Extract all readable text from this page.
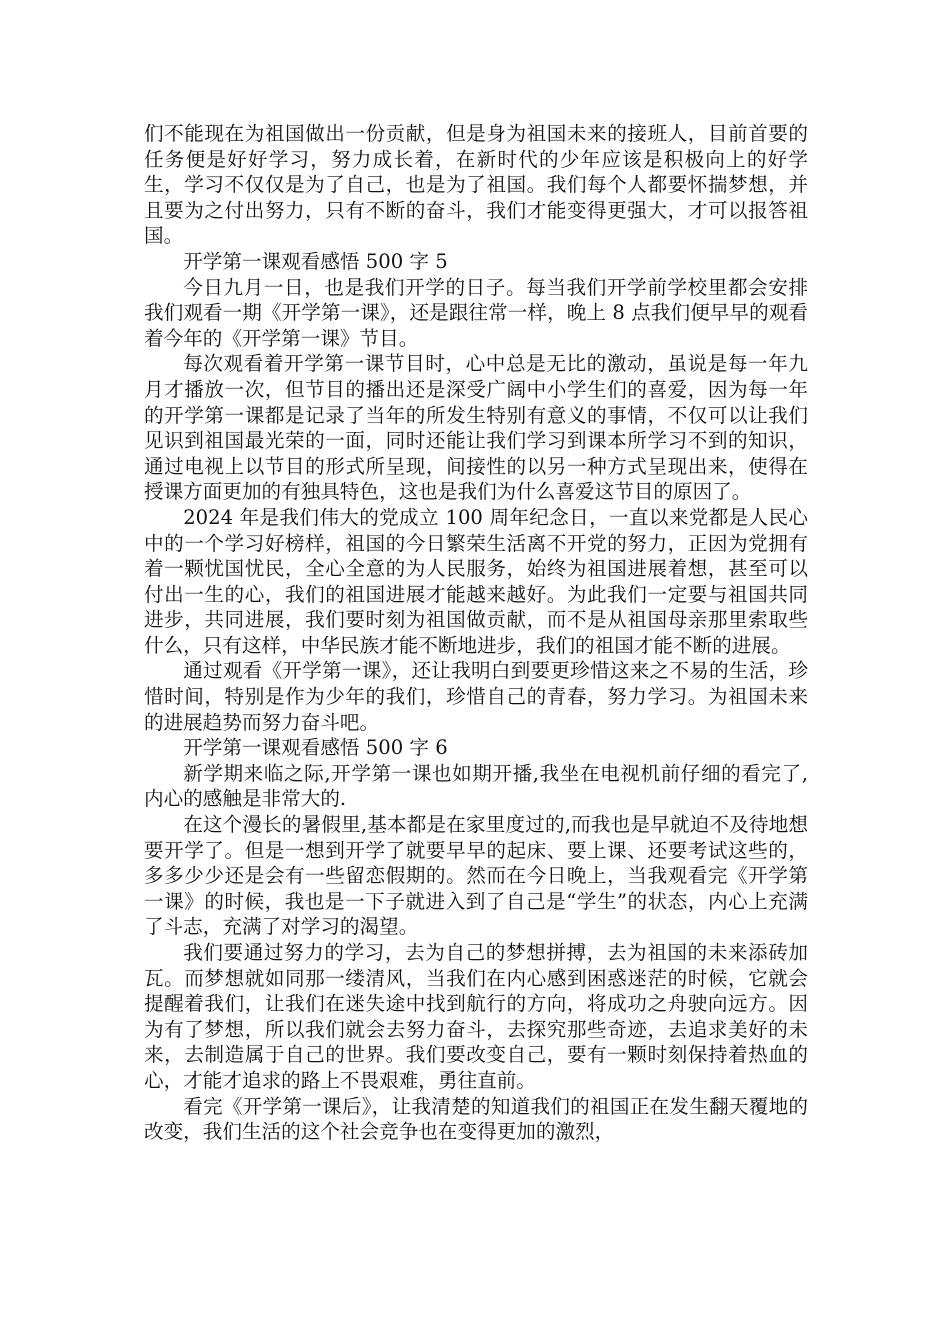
们不能现在为祖国做出一份贡献，但是身为祖国未来的接班人，目前首要的任务便是好好学习，努力成长着，在新时代的少年应该是积极向上的好学生，学习不仅仅是为了自己，也是为了祖国。我们每个人都要怀揣梦想，并且要为之付出努力，只有不断的奋斗，我们才能变得更强大，才可以报答祖国。

开学第一课观看感悟 500 字 5

今日九月一日，也是我们开学的日子。每当我们开学前学校里都会安排我们观看一期《开学第一课》，还是跟往常一样，晚上 8 点我们便早早的观看着今年的《开学第一课》节目。

每次观看着开学第一课节目时，心中总是无比的激动，虽说是每一年九月才播放一次，但节目的播出还是深受广阔中小学生们的喜爱，因为每一年的开学第一课都是记录了当年的所发生特别有意义的事情，不仅可以让我们见识到祖国最光荣的一面，同时还能让我们学习到课本所学习不到的知识，通过电视上以节目的形式所呈现，间接性的以另一种方式呈现出来，使得在授课方面更加的有独具特色，这也是我们为什么喜爱这节目的原因了。

2024 年是我们伟大的党成立 100 周年纪念日，一直以来党都是人民心中的一个学习好榜样，祖国的今日繁荣生活离不开党的努力，正因为党拥有着一颗忧国忧民，全心全意的为人民服务，始终为祖国进展着想，甚至可以付出一生的心，我们的祖国进展才能越来越好。为此我们一定要与祖国共同进步，共同进展，我们要时刻为祖国做贡献，而不是从祖国母亲那里索取些什么，只有这样，中华民族才能不断地进步，我们的祖国才能不断的进展。

通过观看《开学第一课》，还让我明白到要更珍惜这来之不易的生活，珍惜时间，特别是作为少年的我们，珍惜自己的青春，努力学习。为祖国未来的进展趋势而努力奋斗吧。

开学第一课观看感悟 500 字 6

新学期来临之际,开学第一课也如期开播,我坐在电视机前仔细的看完了,内心的感触是非常大的.

在这个漫长的暑假里,基本都是在家里度过的,而我也是早就迫不及待地想要开学了。但是一想到开学了就要早早的起床、要上课、还要考试这些的，多多少少还是会有一些留恋假期的。然而在今日晚上，当我观看完《开学第一课》的时候，我也是一下子就进入到了自己是“学生”的状态，内心上充满了斗志，充满了对学习的渴望。

我们要通过努力的学习，去为自己的梦想拼搏，去为祖国的未来添砖加瓦。而梦想就如同那一缕清风，当我们在内心感到困惑迷茫的时候，它就会提醒着我们，让我们在迷失途中找到航行的方向，将成功之舟驶向远方。因为有了梦想，所以我们就会去努力奋斗，去探究那些奇迹，去追求美好的未来，去制造属于自己的世界。我们要改变自己，要有一颗时刻保持着热血的心，才能才追求的路上不畏艰难，勇往直前。

看完《开学第一课后》，让我清楚的知道我们的祖国正在发生翻天覆地的改变，我们生活的这个社会竞争也在变得更加的激烈，
